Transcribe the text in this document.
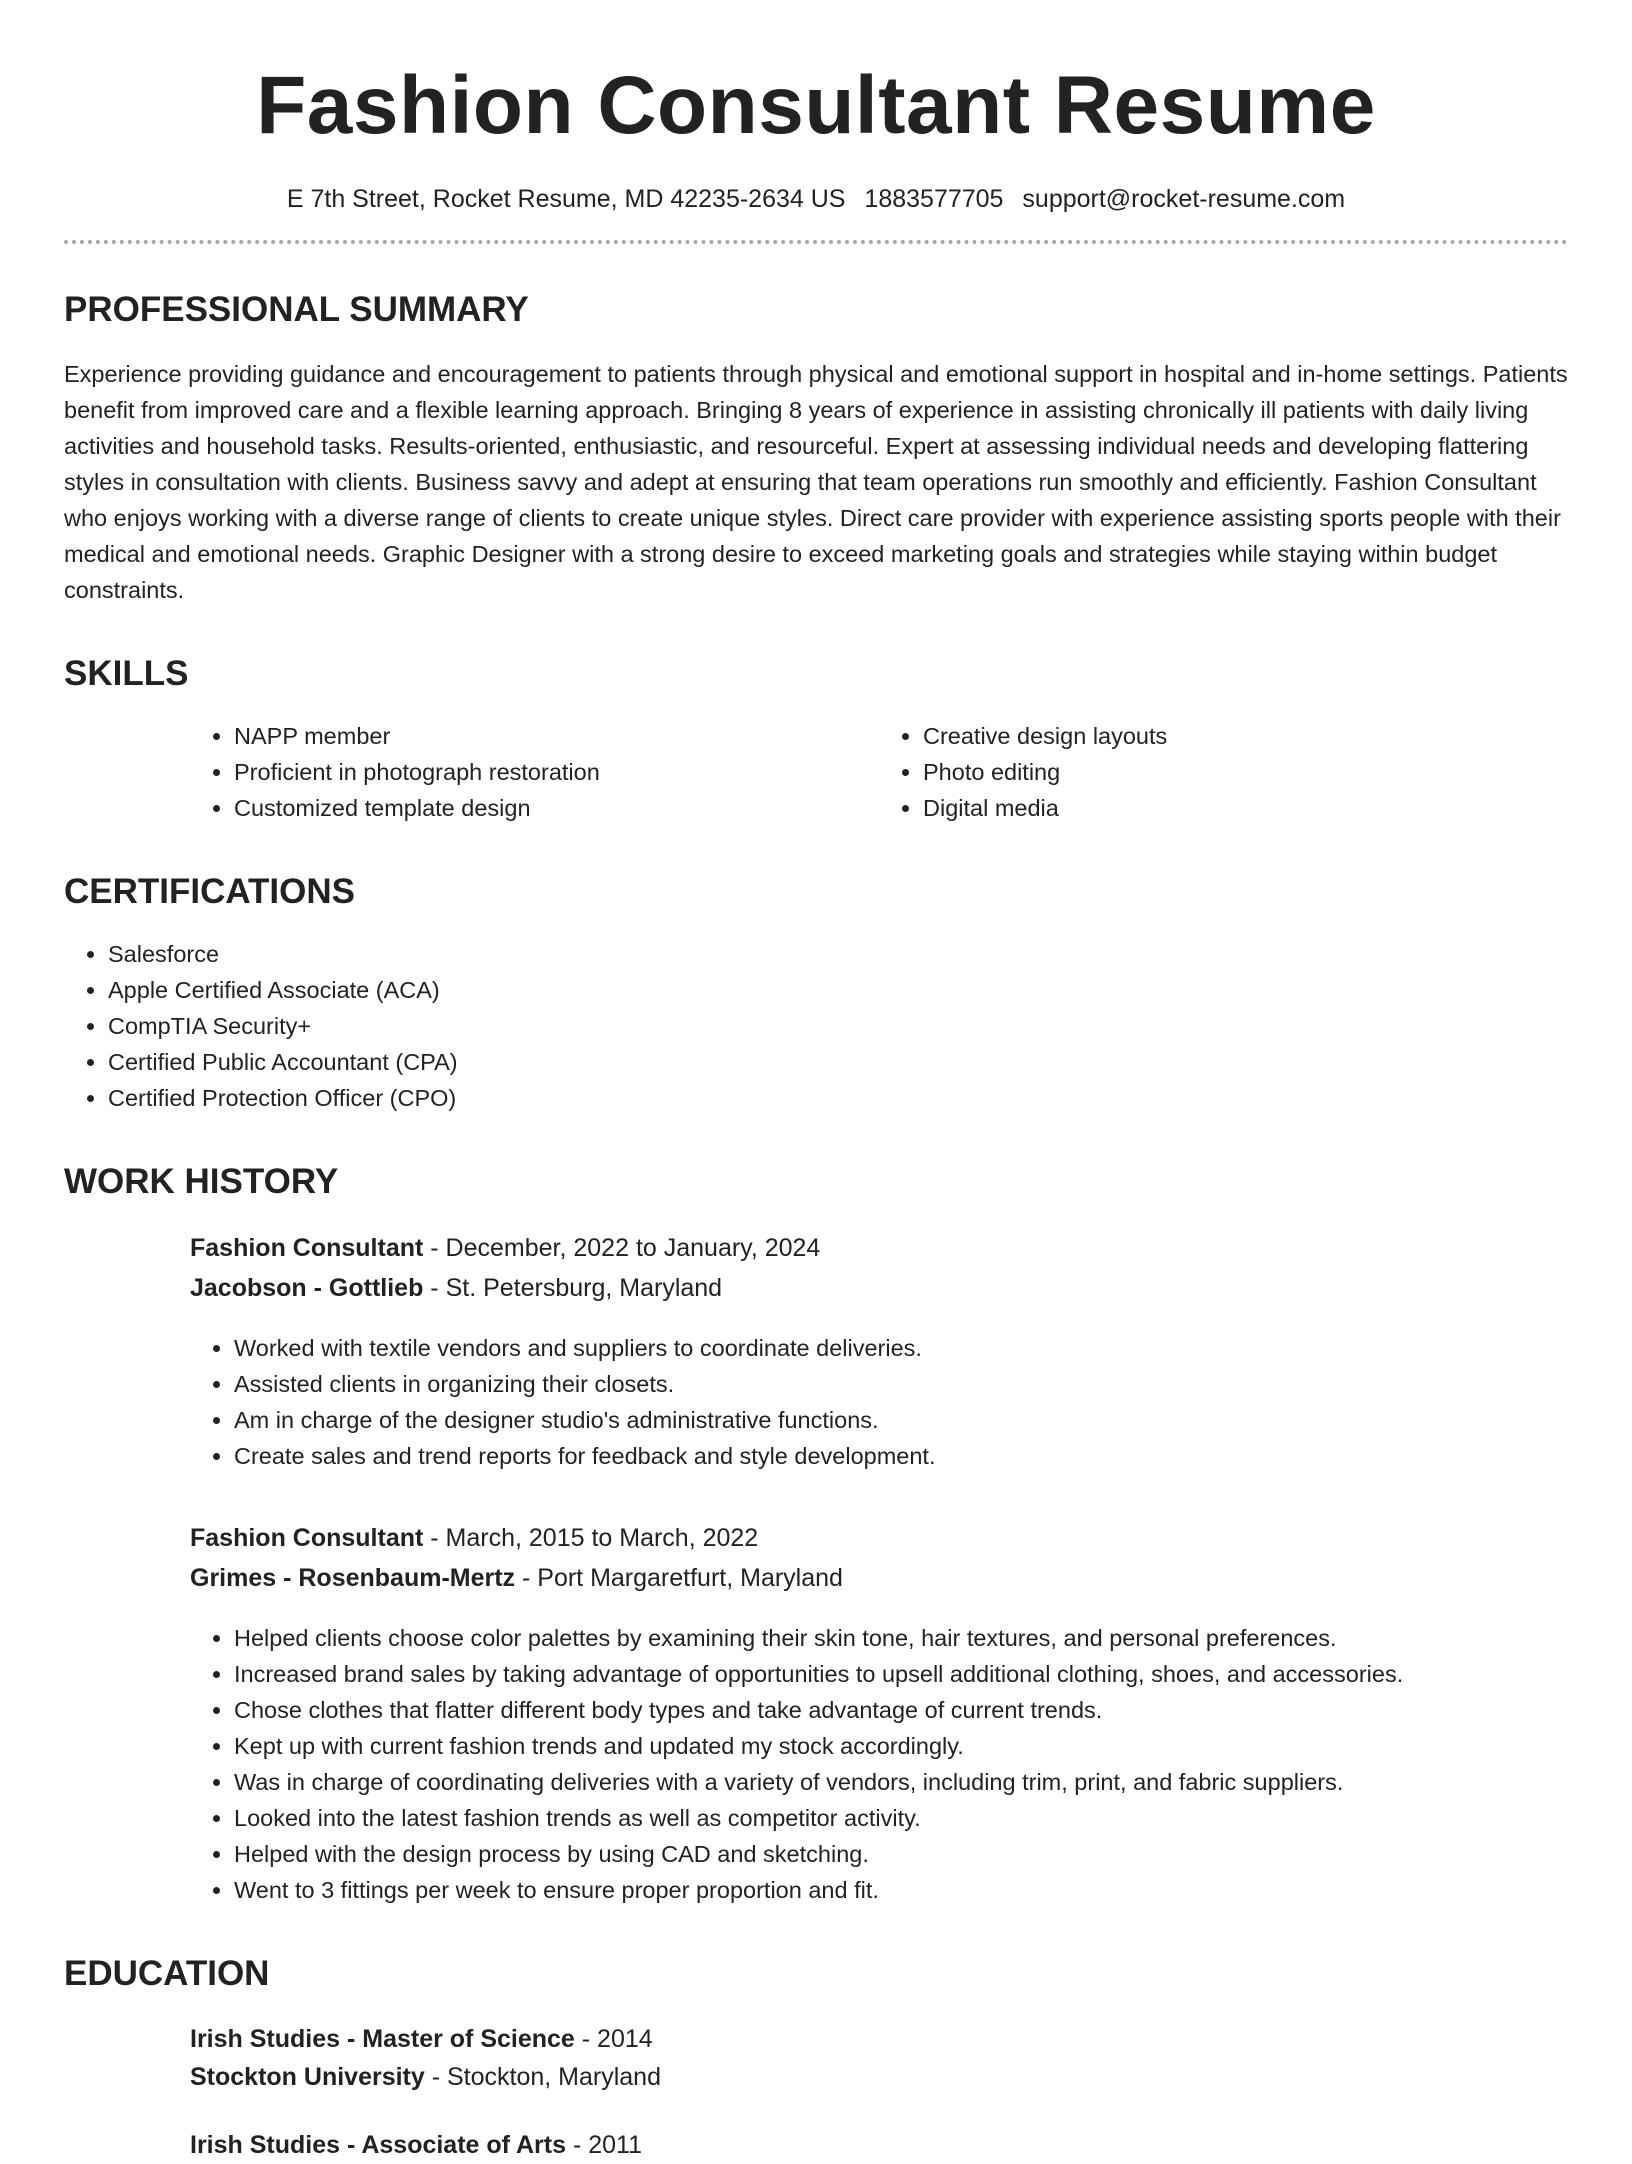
Fashion Consultant Resume
E 7th Street, Rocket Resume, MD 42235-2634 US 1883577705 support@rocket-resume.com
PROFESSIONAL SUMMARY

Experience providing guidance and encouragement to patients through physical and emotional support in hospital and in-home settings. Patients benefit from improved care and a flexible learning approach. Bringing 8 years of experience in assisting chronically ill patients with daily living activities and household tasks. Results-oriented, enthusiastic, and resourceful. Expert at assessing individual needs and developing flattering styles in consultation with clients. Business savvy and adept at ensuring that team operations run smoothly and efficiently. Fashion Consultant who enjoys working with a diverse range of clients to create unique styles. Direct care provider with experience assisting sports people with their medical and emotional needs. Graphic Designer with a strong desire to exceed marketing goals and strategies while staying within budget constraints.

SKILLS
• NAPP member
• Proficient in photograph restoration
• Customized template design
• Creative design layouts
• Photo editing
• Digital media
CERTIFICATIONS
• Salesforce
• Apple Certified Associate (ACA)
• CompTIA Security+
• Certified Public Accountant (CPA)
• Certified Protection Officer (CPO)
WORK HISTORY
Fashion Consultant - December, 2022 to January, 2024
Jacobson - Gottlieb - St. Petersburg, Maryland
• Worked with textile vendors and suppliers to coordinate deliveries.
• Assisted clients in organizing their closets.
• Am in charge of the designer studio's administrative functions.
• Create sales and trend reports for feedback and style development.
Fashion Consultant - March, 2015 to March, 2022
Grimes - Rosenbaum-Mertz - Port Margaretfurt, Maryland
• Helped clients choose color palettes by examining their skin tone, hair textures, and personal preferences.
• Increased brand sales by taking advantage of opportunities to upsell additional clothing, shoes, and accessories.
• Chose clothes that flatter different body types and take advantage of current trends.
• Kept up with current fashion trends and updated my stock accordingly.
• Was in charge of coordinating deliveries with a variety of vendors, including trim, print, and fabric suppliers.
• Looked into the latest fashion trends as well as competitor activity.
• Helped with the design process by using CAD and sketching.
• Went to 3 fittings per week to ensure proper proportion and fit.
EDUCATION
Irish Studies - Master of Science - 2014
Stockton University - Stockton, Maryland
Irish Studies - Associate of Arts - 2011
